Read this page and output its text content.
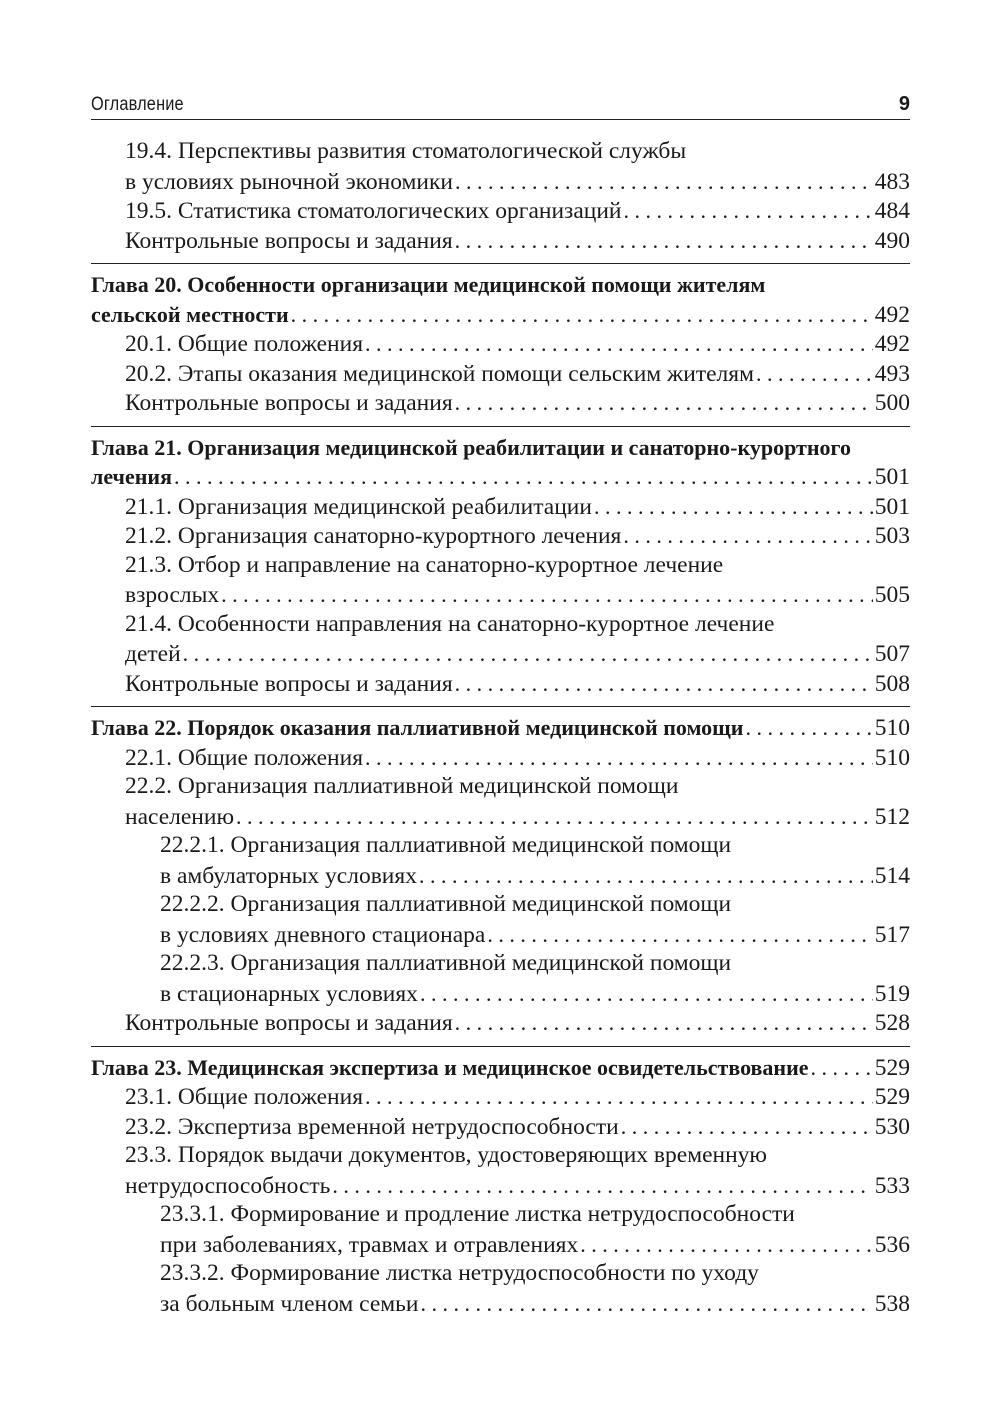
Оглавление	9
19.4. Перспективы развития стоматологической службы
в условиях рыночной экономики . . .	483
19.5. Статистика стоматологических организаций . . .	484
Контрольные вопросы и задания . . .	490
Глава 20. Особенности организации медицинской помощи жителям
сельской местности . . .	492
20.1. Общие положения . . .	492
20.2. Этапы оказания медицинской помощи сельским жителям . . .	493
Контрольные вопросы и задания . . .	500
Глава 21. Организация медицинской реабилитации и санаторно-курортного
лечения . . .	501
21.1. Организация медицинской реабилитации . . .	501
21.2. Организация санаторно-курортного лечения . . .	503
21.3. Отбор и направление на санаторно-курортное лечение
взрослых . . .	505
21.4. Особенности направления на санаторно-курортное лечение
детей . . .	507
Контрольные вопросы и задания . . .	508
Глава 22. Порядок оказания паллиативной медицинской помощи . . .	510
22.1. Общие положения . . .	510
22.2. Организация паллиативной медицинской помощи
населению . . .	512
22.2.1. Организация паллиативной медицинской помощи
в амбулаторных условиях . . .	514
22.2.2. Организация паллиативной медицинской помощи
в условиях дневного стационара . . .	517
22.2.3. Организация паллиативной медицинской помощи
в стационарных условиях . . .	519
Контрольные вопросы и задания . . .	528
Глава 23. Медицинская экспертиза и медицинское освидетельствование . . .	529
23.1. Общие положения . . .	529
23.2. Экспертиза временной нетрудоспособности . . .	530
23.3. Порядок выдачи документов, удостоверяющих временную
нетрудоспособность . . .	533
23.3.1. Формирование и продление листка нетрудоспособности
при заболеваниях, травмах и отравлениях . . .	536
23.3.2. Формирование листка нетрудоспособности по уходу
за больным членом семьи . . .	538
